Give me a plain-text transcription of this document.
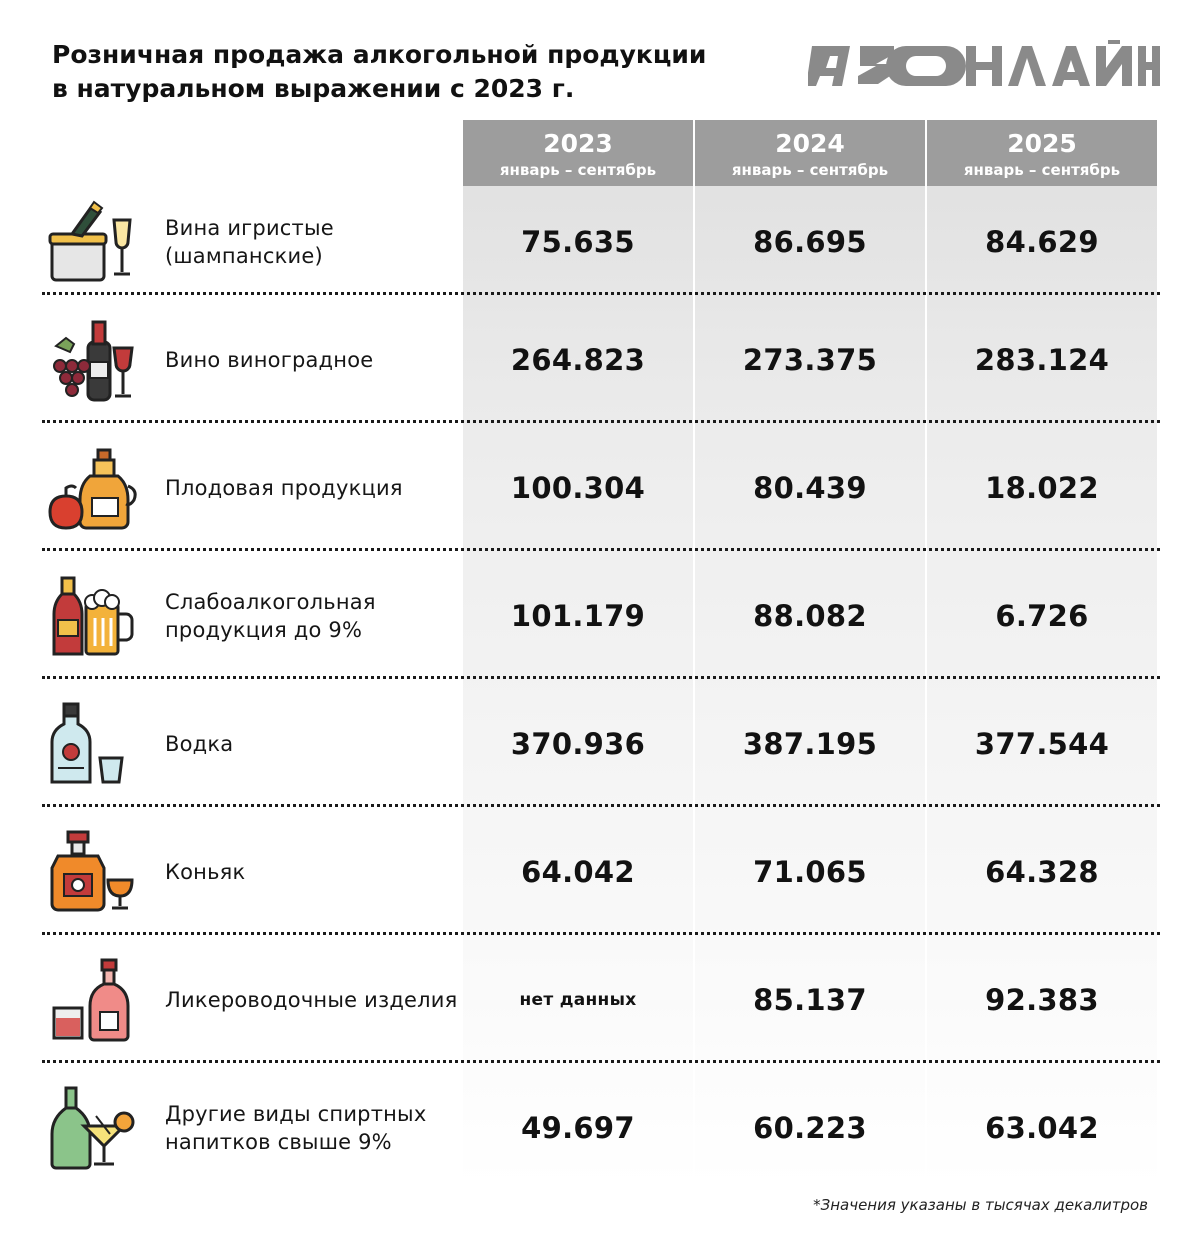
Розничная продажа алкогольной продукции
в натуральном выражении с 2023 г.
2023
январь – сентябрь
2024
январь – сентябрь
2025
январь – сентябрь
Вина игристые (шампанские)	75.635	86.695	84.629
Вино виноградное	264.823	273.375	283.124
Плодовая продукция	100.304	80.439	18.022
Слабоалкогольная продукция до 9%	101.179	88.082	6.726
Водка	370.936	387.195	377.544
Коньяк	64.042	71.065	64.328
Ликероводочные изделия	нет данных	85.137	92.383
Другие виды спиртных напитков свыше 9%	49.697	60.223	63.042
*Значения указаны в тысячах декалитров
